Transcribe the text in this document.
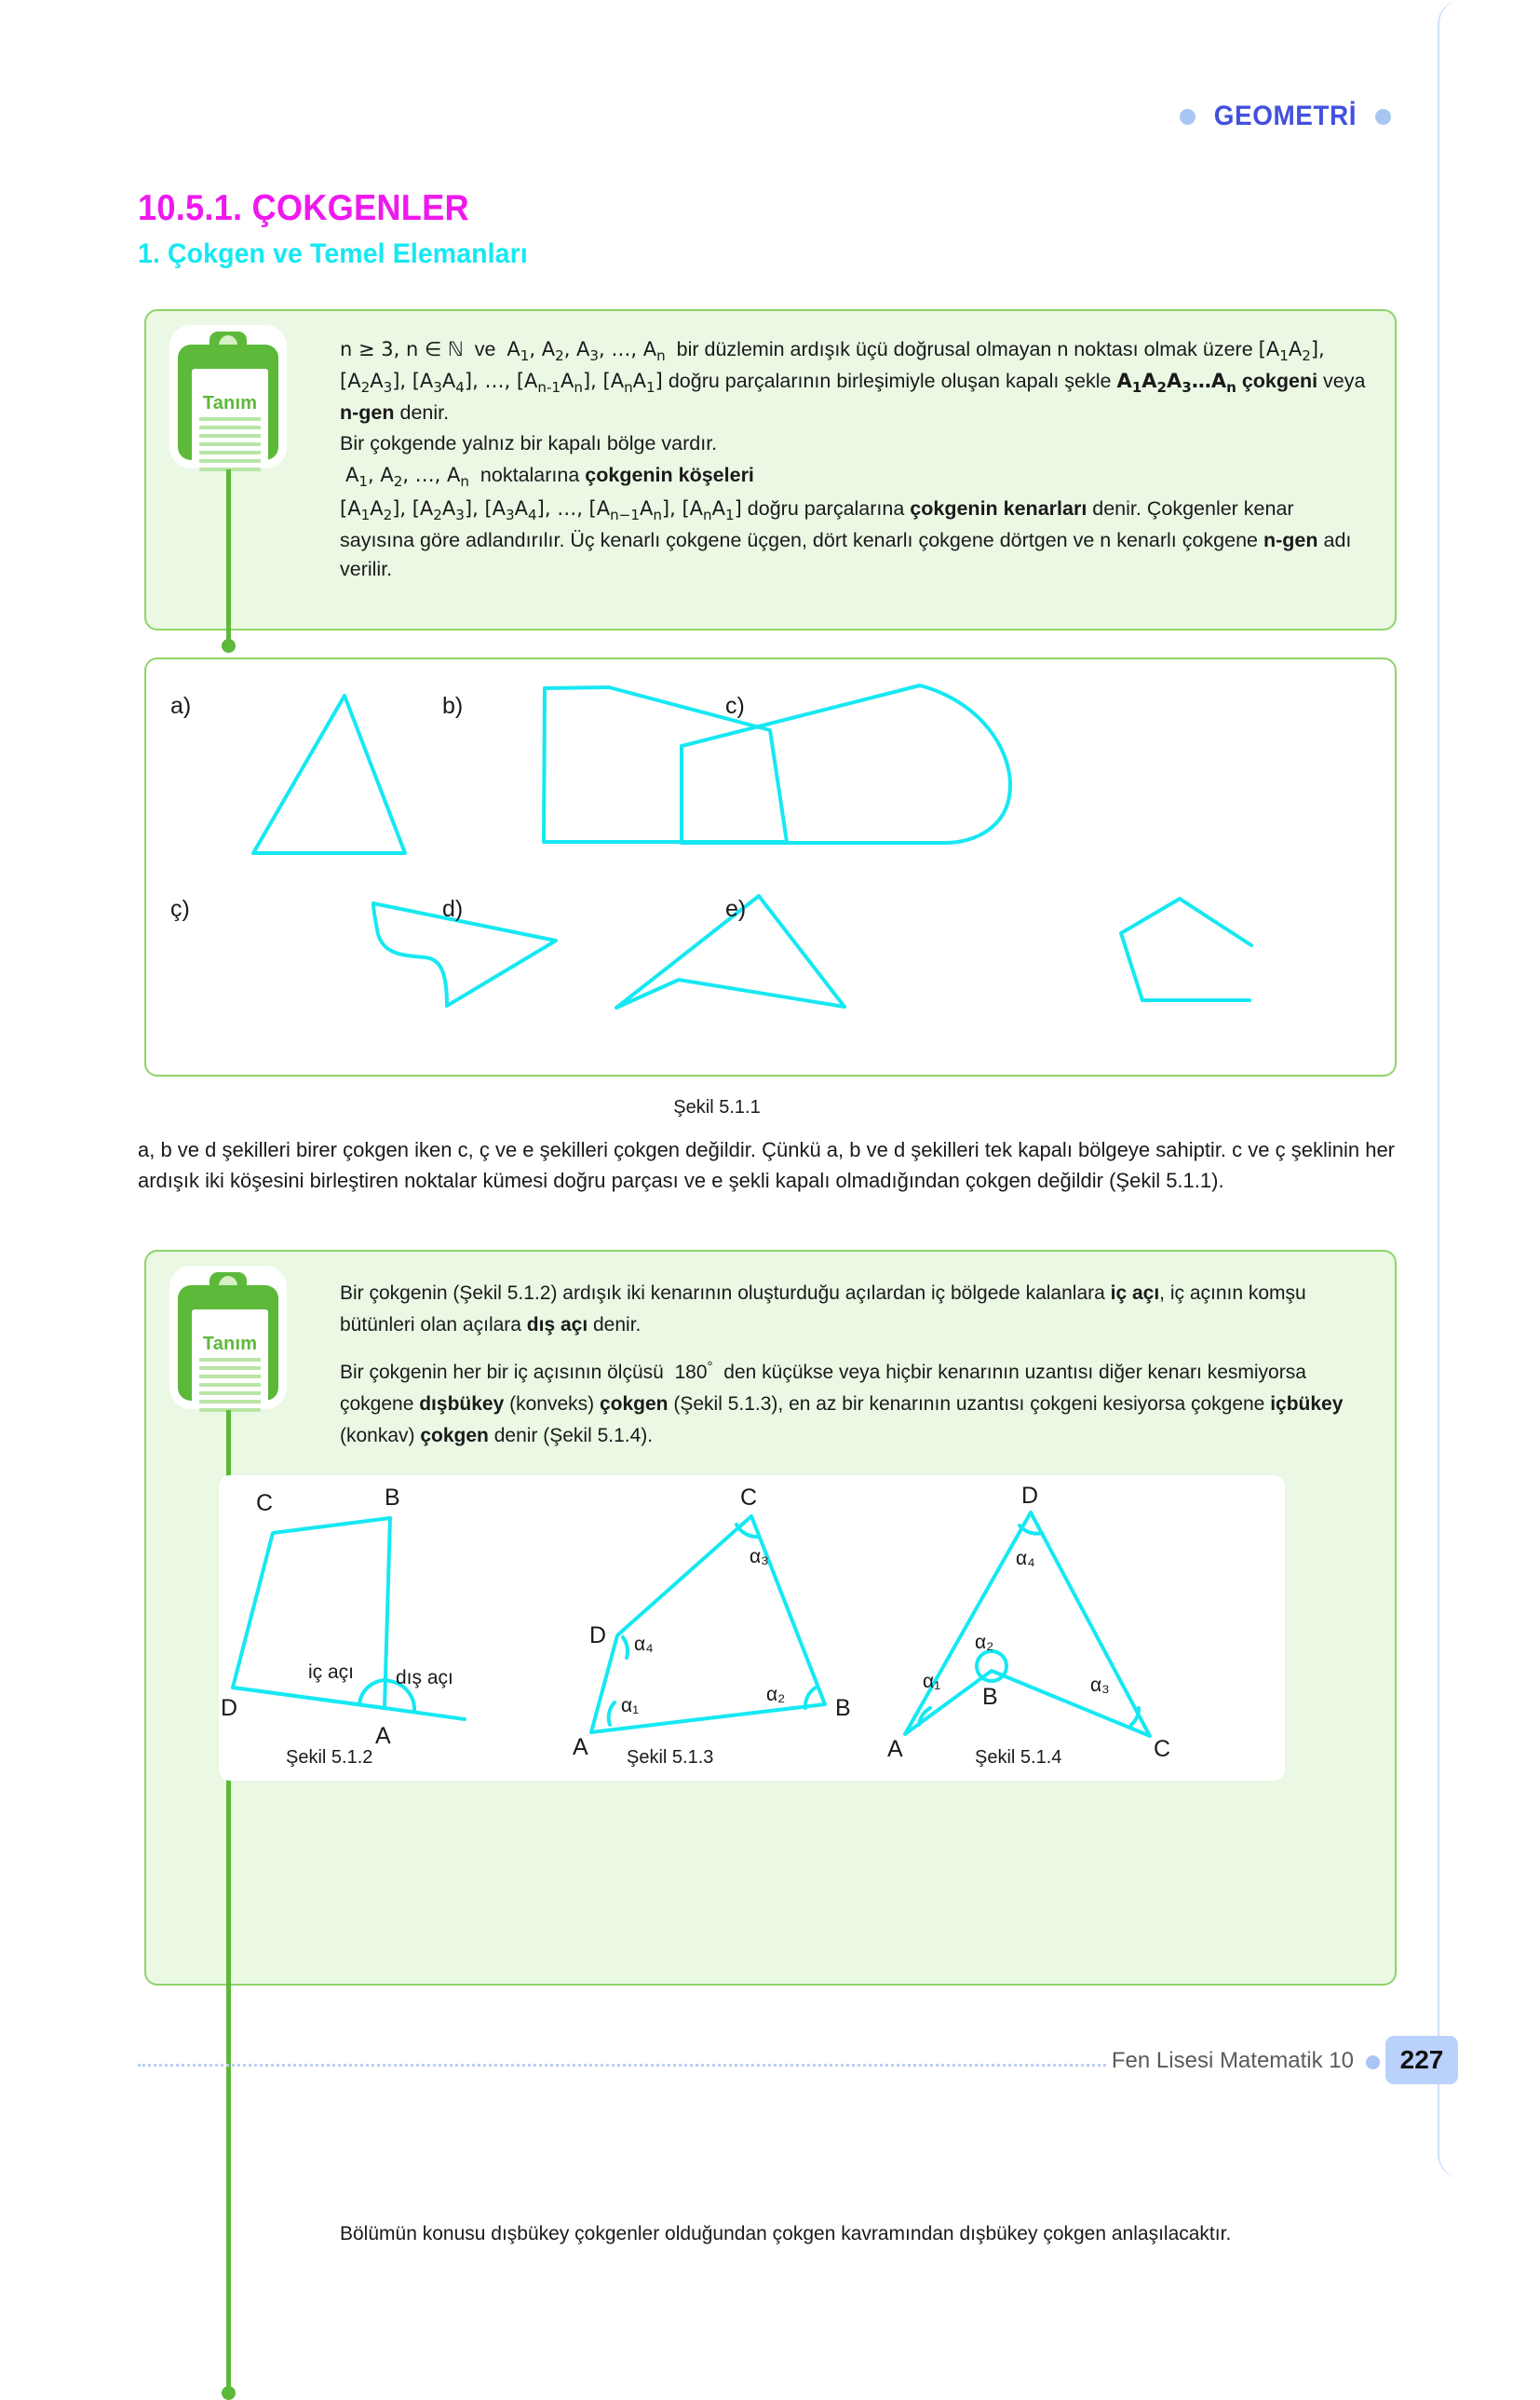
GEOMETRİ
10.5.1. ÇOKGENLER
1. Çokgen ve Temel Elemanları
Tanım

n ≥ 3, n ∈ ℕ  ve  $A_1$, $A_2$, $A_3$, …, $A_n$  bir düzlemin ardışık üçü doğrusal olmayan n noktası olmak üzere $[A_1A_2]$, $[A_2A_3]$, $[A_3A_4]$, …, $[A_{n-1}A_n]$, $[A_nA_1]$ doğru parçalarının birleşimiyle oluşan kapalı şekle $A_1A_2A_3\dots A_n$ çokgeni veya n-gen denir.

Bir çokgende yalnız bir kapalı bölge vardır.

$A_1$, $A_2$, …, $A_n$  noktalarına çokgenin köşeleri

$[A_1A_2]$, $[A_2A_3]$, $[A_3A_4]$, …, $[A_{n-1}A_n]$, $[A_nA_1]$ doğru parçalarına çokgenin kenarları denir. Çokgenler kenar sayısına göre adlandırılır. Üç kenarlı çokgene üçgen, dört kenarlı çokgene dörtgen ve n kenarlı çokgene n-gen adı verilir.

a)	b)	c)
ç)	d)	e)
Şekil 5.1.1
a, b ve d şekilleri birer çokgen iken c, ç ve e şekilleri çokgen değildir. Çünkü a, b ve d şekilleri tek kapalı bölgeye sahiptir. c ve ç şeklinin her ardışık iki köşesini birleştiren noktalar kümesi doğru parçası ve e şekli kapalı olmadığından çokgen değildir (Şekil 5.1.1).
Tanım

Bir çokgenin (Şekil 5.1.2) ardışık iki kenarının oluşturduğu açılardan iç bölgede kalanlara iç açı, iç açının komşu bütünleri olan açılara dış açı denir.

Bir çokgenin her bir iç açısının ölçüsü  180°  den küçükse veya hiçbir kenarının uzantısı diğer kenarı kesmiyorsa çokgene dışbükey (konveks) çokgen (Şekil 5.1.3), en az bir kenarının uzantısı çokgeni kesiyorsa çokgene içbükey (konkav) çokgen denir (Şekil 5.1.4).

C	B
D
A
iç açı dış açı
A
B
C
D
α₁
α₂
α₃
α₄
A
B
C
D
α₁
α₂
α₃
α₄
Şekil 5.1.2	Şekil 5.1.3	Şekil 5.1.4
Bölümün konusu dışbükey çokgenler olduğundan çokgen kavramından dışbükey çokgen anlaşılacaktır.
Fen Lisesi Matematik 10	227
